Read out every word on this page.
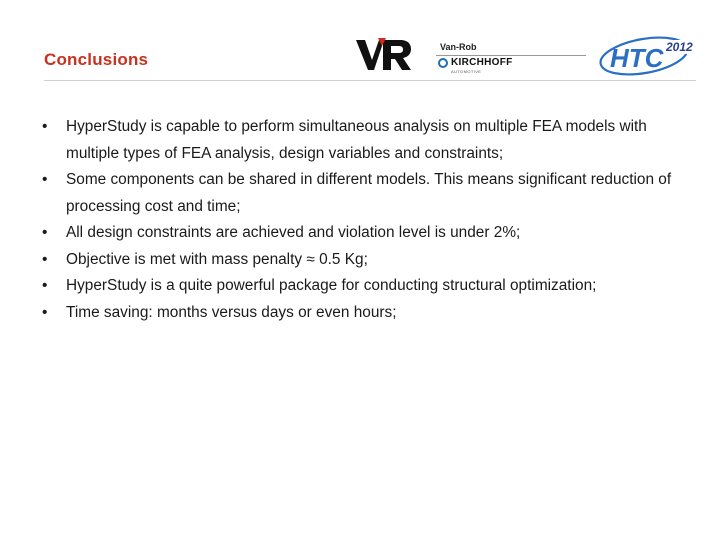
Conclusions
Van-Rob
KIRCHHOFF
AUTOMOTIVE	HTC 2012
• HyperStudy is capable to perform simultaneous analysis on multiple FEA models with multiple types of FEA analysis, design variables and constraints;
• Some components can be shared in different models. This means significant reduction of processing cost and time;
• All design constraints are achieved and violation level is under 2%;
• Objective is met with mass penalty ≈ 0.5 Kg;
• HyperStudy is a quite powerful package for conducting structural optimization;
• Time saving: months versus days or even hours;
